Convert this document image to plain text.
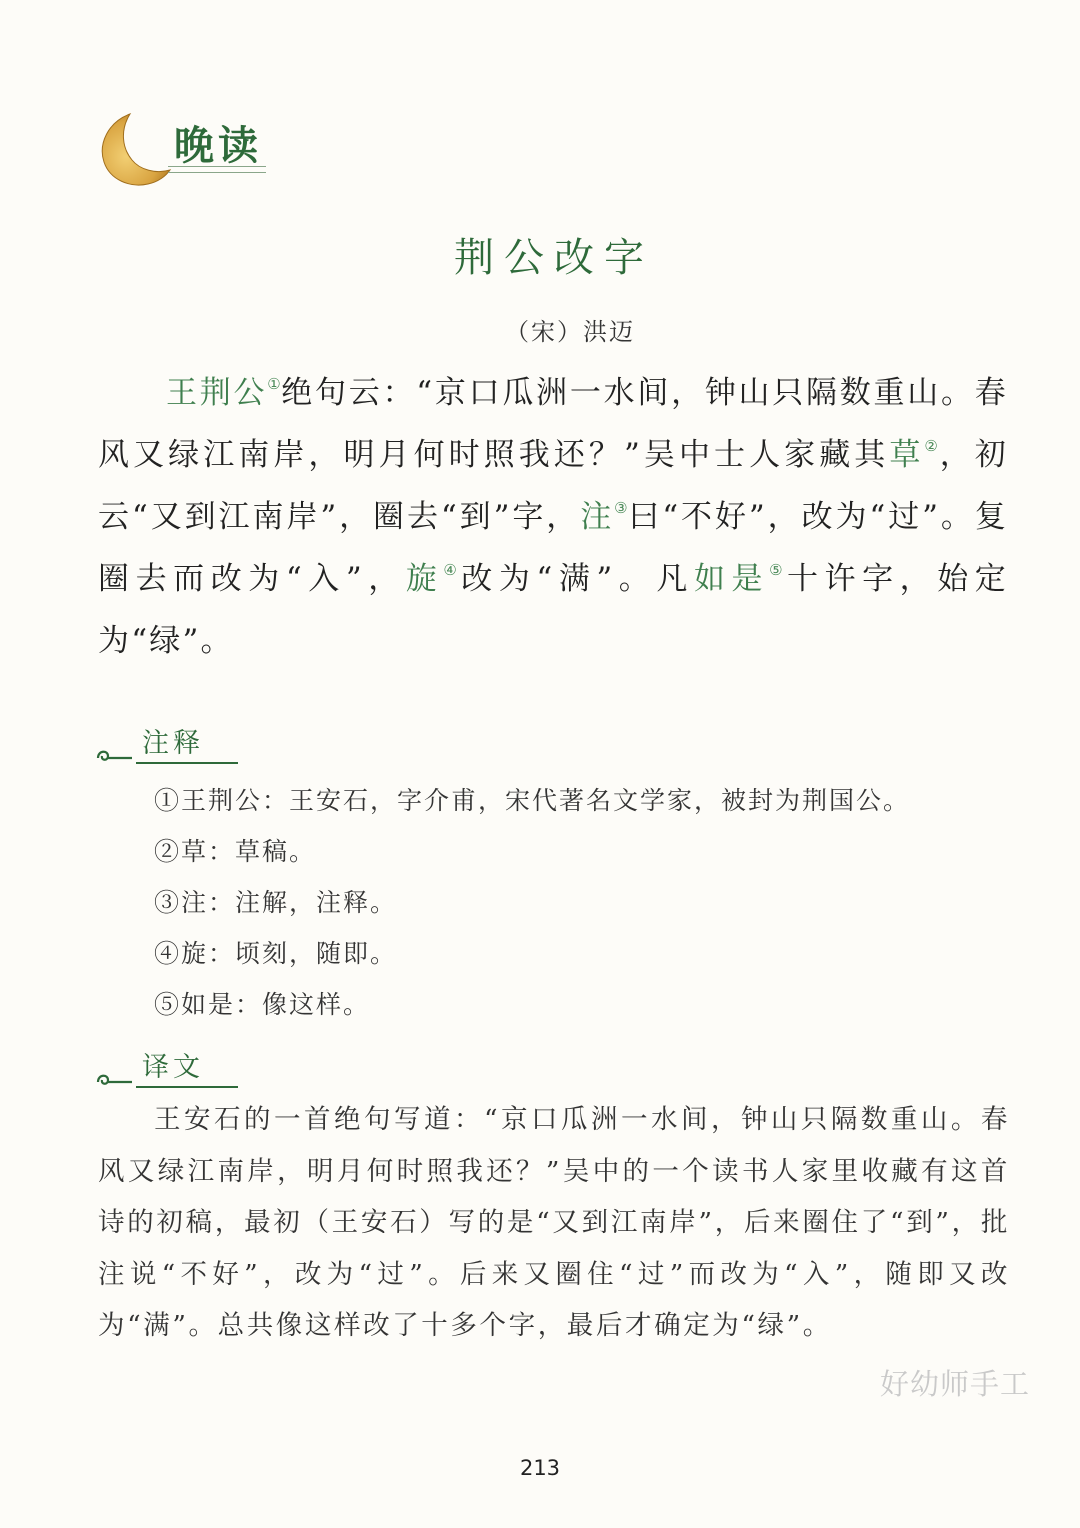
晚读
荆公改字
（宋）洪迈
王荆公①绝句云：“京口瓜洲一水间，钟山只隔数重山。春风又绿江南岸，明月何时照我还？”吴中士人家藏其草②，初云“又到江南岸”，圈去“到”字，注③曰“不好”，改为“过”。复圈去而改为“入”，旋④改为“满”。凡如是⑤十许字，始定为“绿”。
注释
①王荆公：王安石，字介甫，宋代著名文学家，被封为荆国公。
②草：草稿。
③注：注解，注释。
④旋：顷刻，随即。
⑤如是：像这样。
译文
王安石的一首绝句写道：“京口瓜洲一水间，钟山只隔数重山。春风又绿江南岸，明月何时照我还？”吴中的一个读书人家里收藏有这首诗的初稿，最初（王安石）写的是“又到江南岸”，后来圈住了“到”，批注说“不好”，改为“过”。后来又圈住“过”而改为“入”，随即又改为“满”。总共像这样改了十多个字，最后才确定为“绿”。
好幼师手工
213
